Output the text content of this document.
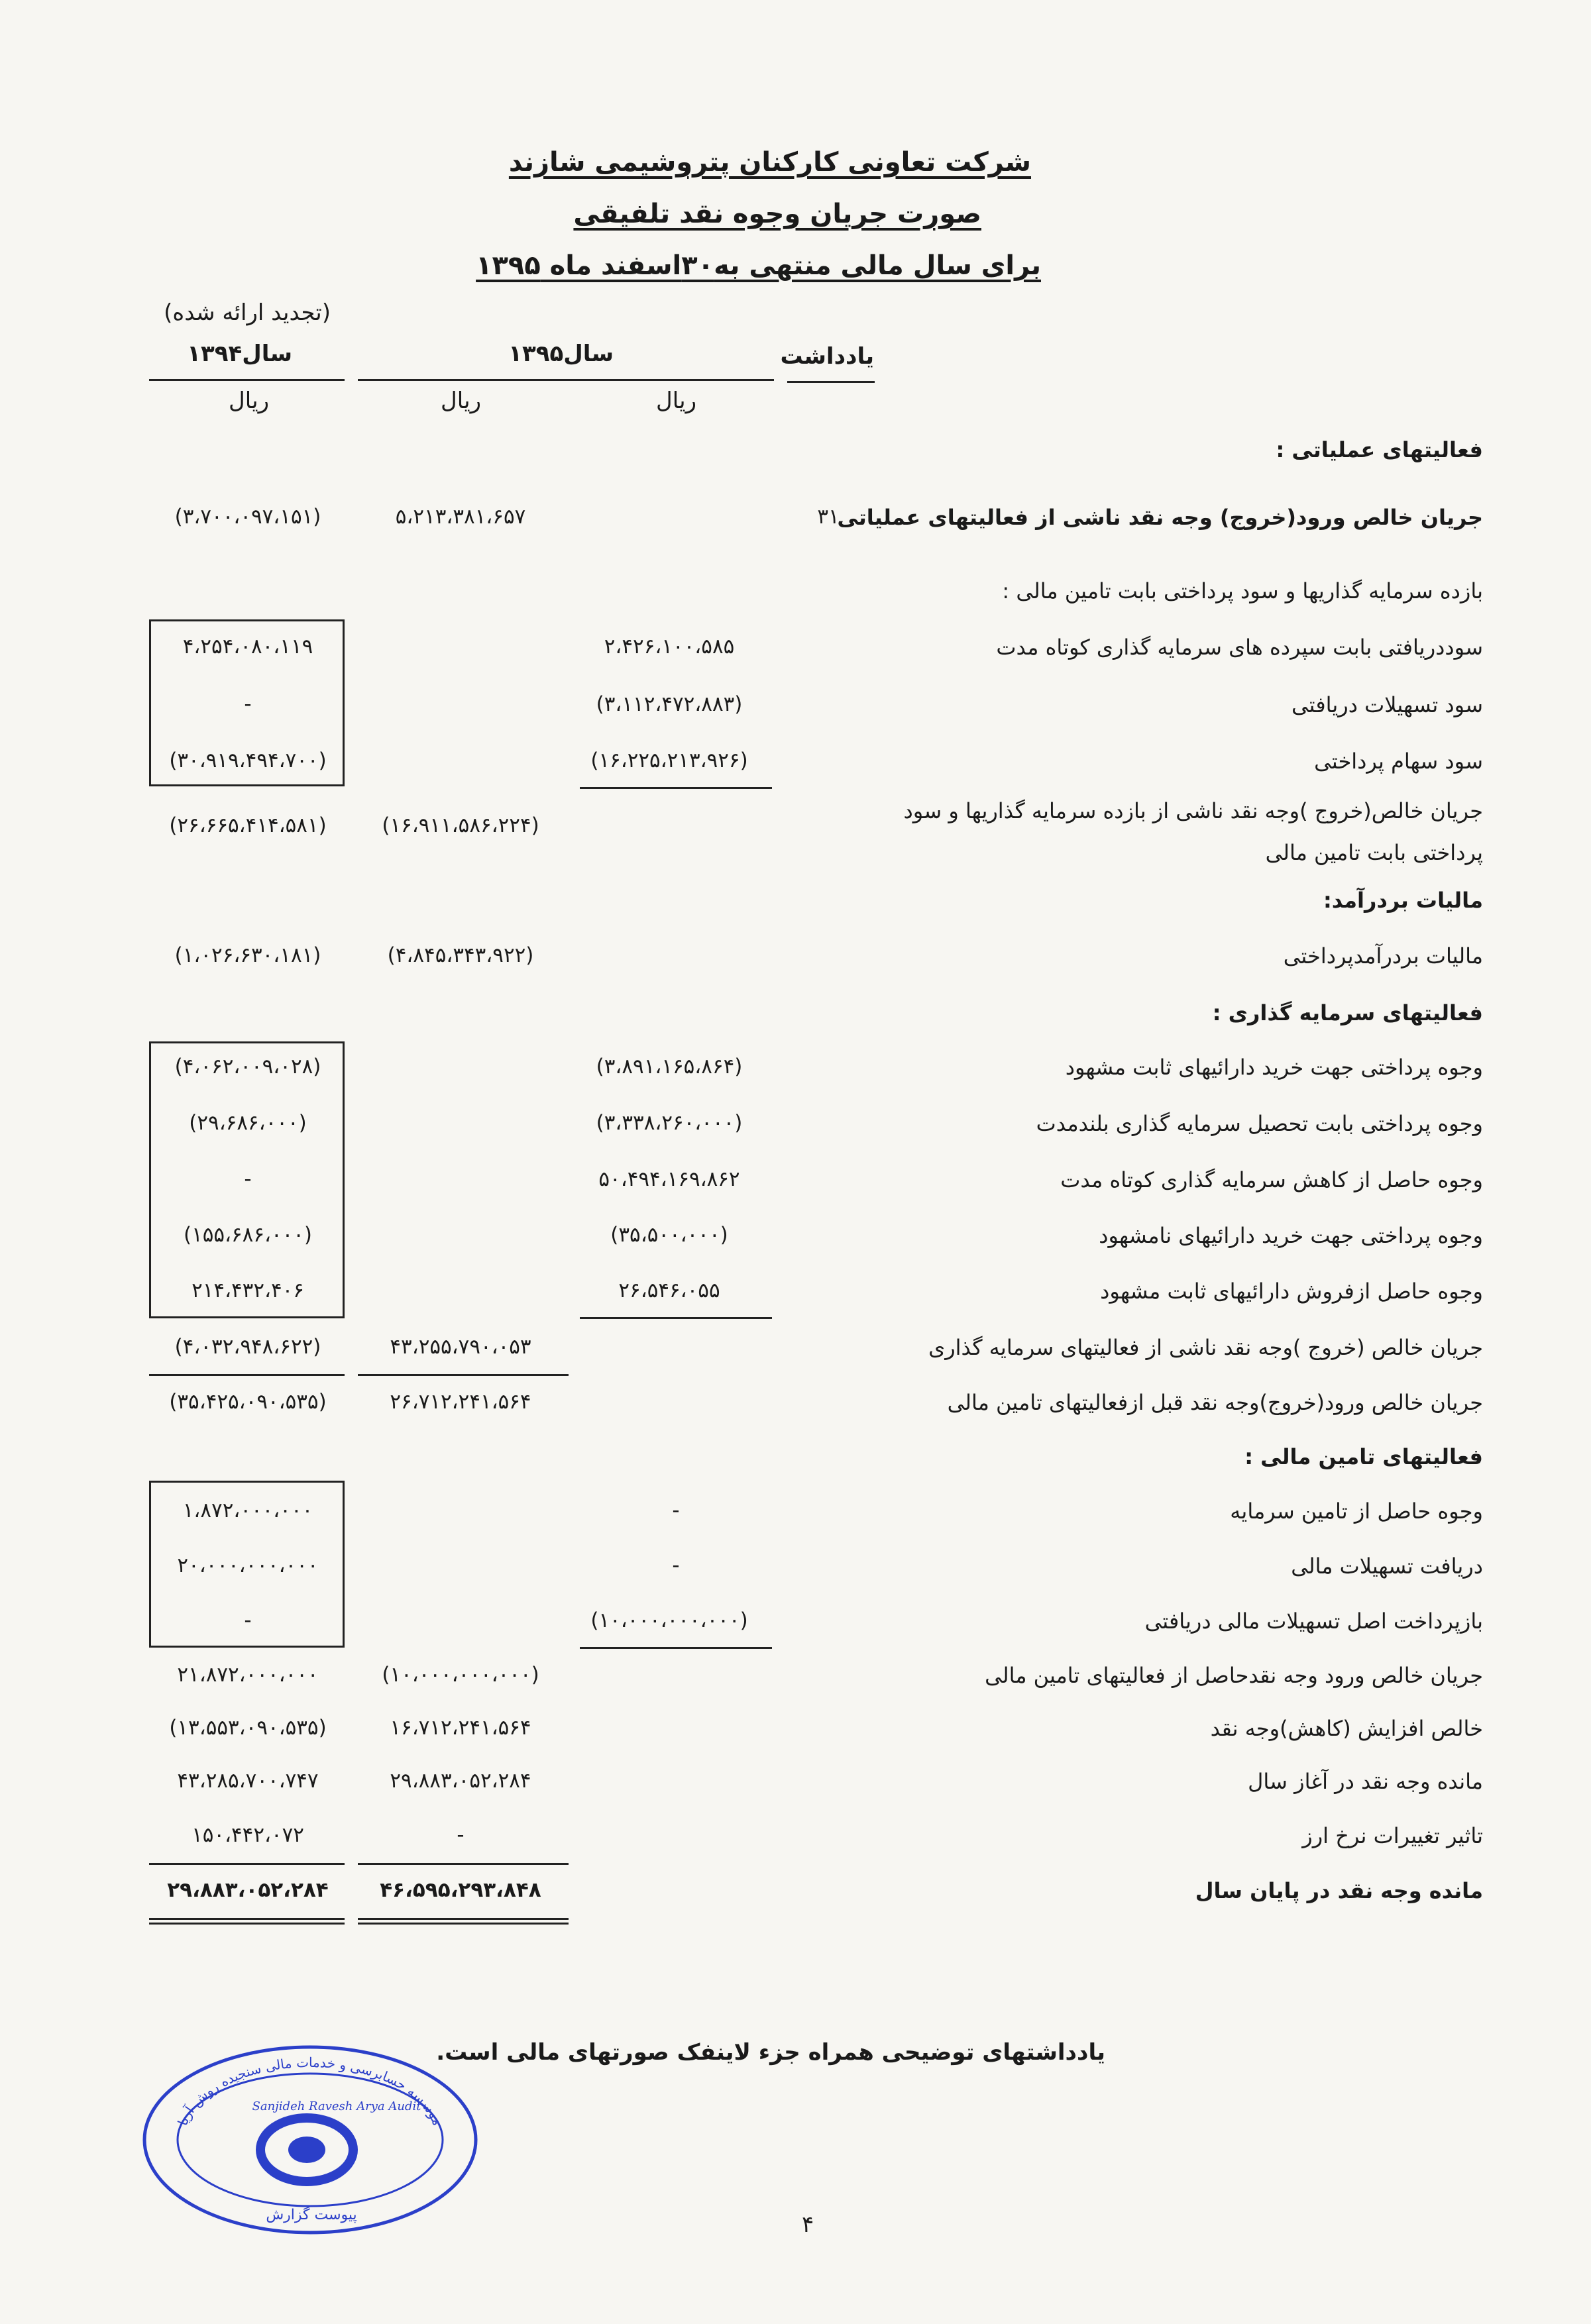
شرکت تعاونی کارکنان پتروشیمی شازند
صورت جریان وجوه نقد تلفیقی
برای سال مالی منتهی به۳۰اسفند ماه ۱۳۹۵
(تجدید ارائه شده)
یادداشت
سال۱۳۹۵
سال۱۳۹۴
ریال
ریال
ریال
فعالیتهای عملیاتی :
جریان خالص ورود(خروج) وجه نقد ناشی از فعالیتهای عملیاتی
بازده سرمایه گذاریها و سود پرداختی بابت تامین مالی :
سوددریافتی بابت سپرده های سرمایه گذاری کوتاه مدت
سود تسهیلات دریافتی
سود سهام پرداختی
جریان خالص(خروج )وجه نقد ناشی از بازده سرمایه گذاریها و سود
پرداختی بابت تامین مالی
مالیات بردرآمد:
مالیات بردرآمدپرداختی
فعالیتهای سرمایه گذاری :
وجوه پرداختی جهت خرید دارائیهای ثابت مشهود
وجوه پرداختی بابت تحصیل سرمایه گذاری بلندمدت
وجوه حاصل از کاهش سرمایه گذاری کوتاه مدت
وجوه پرداختی جهت خرید دارائیهای نامشهود
وجوه حاصل ازفروش دارائیهای ثابت مشهود
جریان خالص (خروج )وجه نقد ناشی از فعالیتهای سرمایه گذاری
جریان خالص ورود(خروج)وجه نقد قبل ازفعالیتهای تامین مالی
فعالیتهای تامین مالی :
وجوه حاصل از تامین سرمایه
دریافت تسهیلات مالی
بازپرداخت اصل تسهیلات مالی دریافتی
جریان خالص ورود وجه نقدحاصل از فعالیتهای تامین مالی
خالص افزایش (کاهش)وجه نقد
مانده وجه نقد در آغاز سال
تاثیر تغییرات نرخ ارز
مانده وجه نقد در پایان سال
۳۱
۲،۴۲۶،۱۰۰،۵۸۵
(۳،۱۱۲،۴۷۲،۸۸۳)
(۱۶،۲۲۵،۲۱۳،۹۲۶)
(۳،۸۹۱،۱۶۵،۸۶۴)
(۳،۳۳۸،۲۶۰،۰۰۰)
۵۰،۴۹۴،۱۶۹،۸۶۲
(۳۵،۵۰۰،۰۰۰)
۲۶،۵۴۶،۰۵۵
-
-
(۱۰،۰۰۰،۰۰۰،۰۰۰)
۵،۲۱۳،۳۸۱،۶۵۷
(۱۶،۹۱۱،۵۸۶،۲۲۴)
(۴،۸۴۵،۳۴۳،۹۲۲)
۴۳،۲۵۵،۷۹۰،۰۵۳
۲۶،۷۱۲،۲۴۱،۵۶۴
(۱۰،۰۰۰،۰۰۰،۰۰۰)
۱۶،۷۱۲،۲۴۱،۵۶۴
۲۹،۸۸۳،۰۵۲،۲۸۴
-
۴۶،۵۹۵،۲۹۳،۸۴۸
(۳،۷۰۰،۰۹۷،۱۵۱)
۴،۲۵۴،۰۸۰،۱۱۹
-
(۳۰،۹۱۹،۴۹۴،۷۰۰)
(۲۶،۶۶۵،۴۱۴،۵۸۱)
(۱،۰۲۶،۶۳۰،۱۸۱)
(۴،۰۶۲،۰۰۹،۰۲۸)
(۲۹،۶۸۶،۰۰۰)
-
(۱۵۵،۶۸۶،۰۰۰)
۲۱۴،۴۳۲،۴۰۶
(۴،۰۳۲،۹۴۸،۶۲۲)
(۳۵،۴۲۵،۰۹۰،۵۳۵)
۱،۸۷۲،۰۰۰،۰۰۰
۲۰،۰۰۰،۰۰۰،۰۰۰
-
۲۱،۸۷۲،۰۰۰،۰۰۰
(۱۳،۵۵۳،۰۹۰،۵۳۵)
۴۳،۲۸۵،۷۰۰،۷۴۷
۱۵۰،۴۴۲،۰۷۲
۲۹،۸۸۳،۰۵۲،۲۸۴
یادداشتهای توضیحی همراه جزء لاینفک صورتهای مالی است.
۴
موسسه حسابرسی و خدمات مالی سنجیده روش آریا
Sanjideh Ravesh Arya Audit
پیوست گزارش
